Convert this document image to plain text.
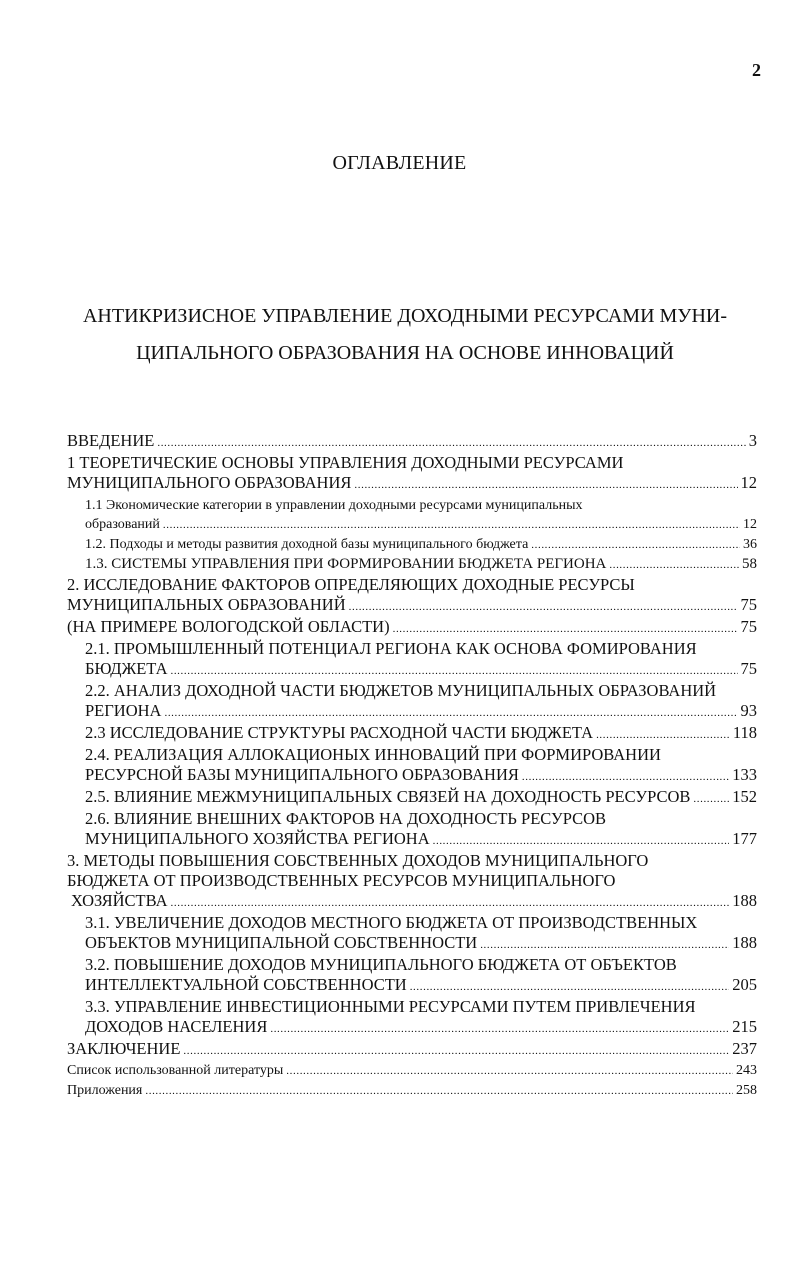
2
ОГЛАВЛЕНИЕ
АНТИКРИЗИСНОЕ УПРАВЛЕНИЕ ДОХОДНЫМИ РЕСУРСАМИ МУНИ-
ЦИПАЛЬНОГО ОБРАЗОВАНИЯ НА ОСНОВЕ ИННОВАЦИЙ
ВВЕДЕНИЕ .....	3
1 ТЕОРЕТИЧЕСКИЕ ОСНОВЫ УПРАВЛЕНИЯ ДОХОДНЫМИ РЕСУРСАМИ
МУНИЦИПАЛЬНОГО ОБРАЗОВАНИЯ .....	12
1.1 Экономические категории в управлении доходными ресурсами муниципальных
образований .....	12
1.2. Подходы и методы развития доходной базы муниципального бюджета .....	36
1.3. СИСТЕМЫ УПРАВЛЕНИЯ ПРИ ФОРМИРОВАНИИ БЮДЖЕТА РЕГИОНА .....	58
2. ИССЛЕДОВАНИЕ ФАКТОРОВ ОПРЕДЕЛЯЮЩИХ ДОХОДНЫЕ РЕСУРСЫ
МУНИЦИПАЛЬНЫХ ОБРАЗОВАНИЙ .....	75
(НА ПРИМЕРЕ ВОЛОГОДСКОЙ ОБЛАСТИ) .....	75
2.1. ПРОМЫШЛЕННЫЙ ПОТЕНЦИАЛ РЕГИОНА КАК ОСНОВА ФОМИРОВАНИЯ
БЮДЖЕТА .....	75
2.2. АНАЛИЗ ДОХОДНОЙ ЧАСТИ БЮДЖЕТОВ МУНИЦИПАЛЬНЫХ ОБРАЗОВАНИЙ
РЕГИОНА .....	93
2.3 ИССЛЕДОВАНИЕ СТРУКТУРЫ РАСХОДНОЙ ЧАСТИ БЮДЖЕТА .....	118
2.4. РЕАЛИЗАЦИЯ АЛЛОКАЦИОНЫХ ИННОВАЦИЙ ПРИ ФОРМИРОВАНИИ
РЕСУРСНОЙ БАЗЫ МУНИЦИПАЛЬНОГО ОБРАЗОВАНИЯ .....	133
2.5. ВЛИЯНИЕ МЕЖМУНИЦИПАЛЬНЫХ СВЯЗЕЙ НА ДОХОДНОСТЬ РЕСУРСОВ .....	152
2.6. ВЛИЯНИЕ ВНЕШНИХ ФАКТОРОВ НА ДОХОДНОСТЬ РЕСУРСОВ
МУНИЦИПАЛЬНОГО ХОЗЯЙСТВА РЕГИОНА .....	177
3. МЕТОДЫ ПОВЫШЕНИЯ СОБСТВЕННЫХ ДОХОДОВ МУНИЦИПАЛЬНОГО
БЮДЖЕТА ОТ ПРОИЗВОДСТВЕННЫХ РЕСУРСОВ МУНИЦИПАЛЬНОГО
ХОЗЯЙСТВА .....	188
3.1. УВЕЛИЧЕНИЕ ДОХОДОВ МЕСТНОГО БЮДЖЕТА ОТ ПРОИЗВОДСТВЕННЫХ
ОБЪЕКТОВ МУНИЦИПАЛЬНОЙ СОБСТВЕННОСТИ .....	188
3.2. ПОВЫШЕНИЕ ДОХОДОВ МУНИЦИПАЛЬНОГО БЮДЖЕТА ОТ ОБЪЕКТОВ
ИНТЕЛЛЕКТУАЛЬНОЙ СОБСТВЕННОСТИ .....	205
3.3. УПРАВЛЕНИЕ ИНВЕСТИЦИОННЫМИ РЕСУРСАМИ ПУТЕМ ПРИВЛЕЧЕНИЯ
ДОХОДОВ НАСЕЛЕНИЯ .....	215
ЗАКЛЮЧЕНИЕ .....	237
Список использованной литературы .....	243
Приложения .....	258
